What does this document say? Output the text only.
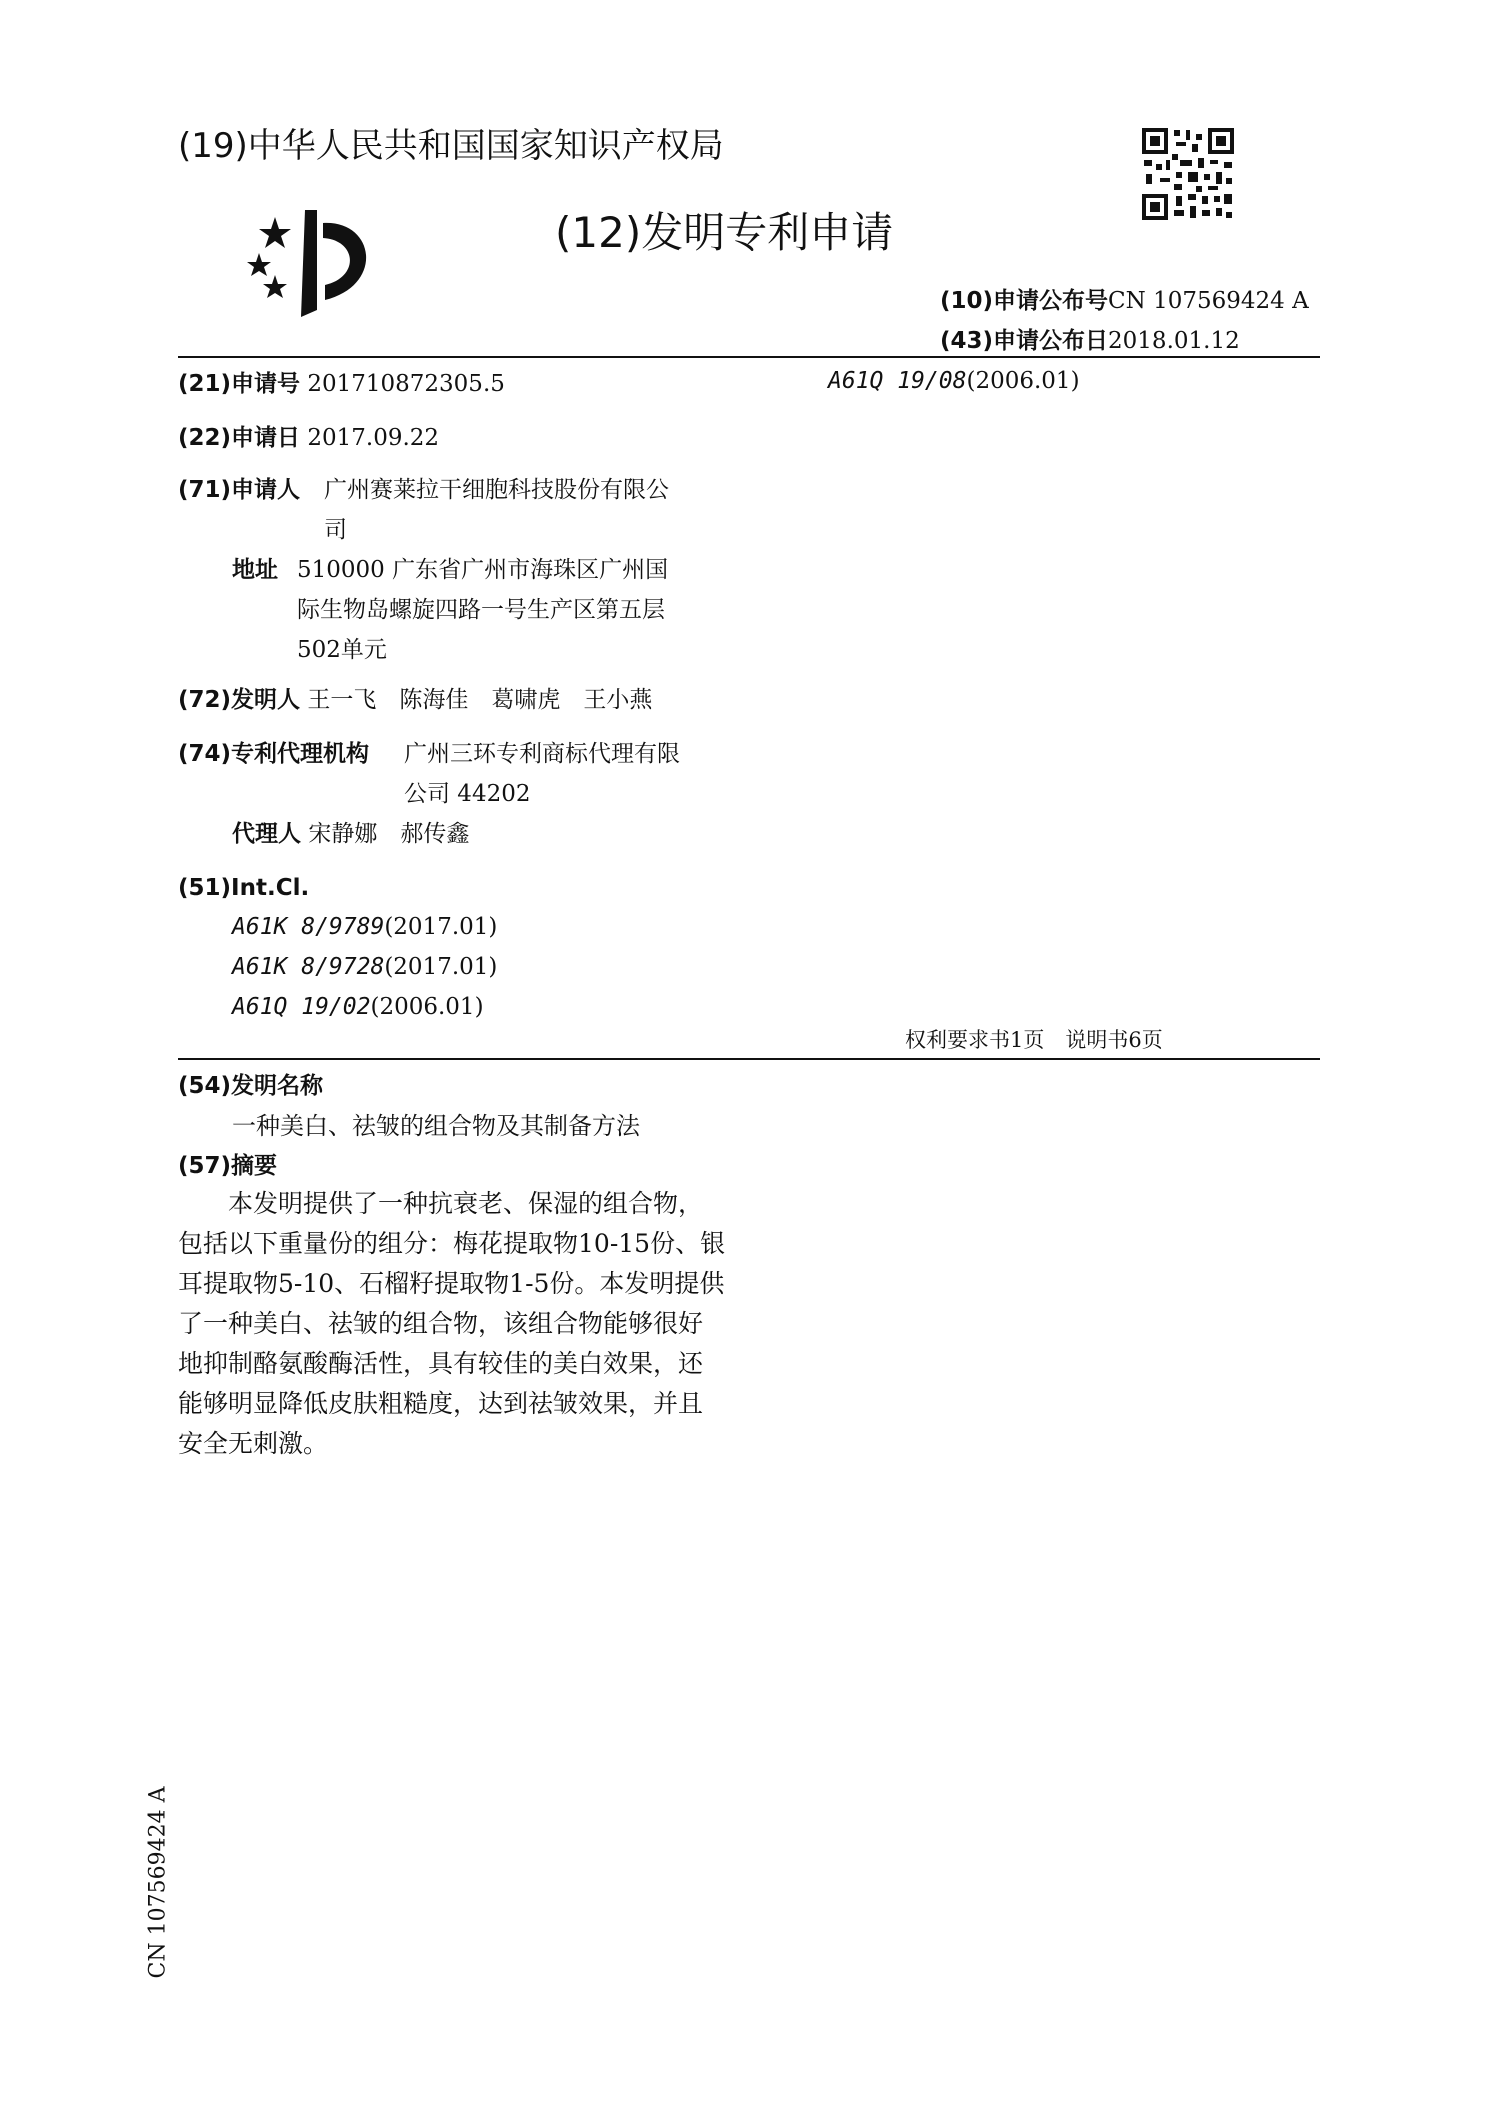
(19)中华人民共和国国家知识产权局
(12)发明专利申请
(10)申请公布号CN 107569424 A
(43)申请公布日2018.01.12
(21)申请号 201710872305.5
(22)申请日 2017.09.22
(71)申请人 广州赛莱拉干细胞科技股份有限公
司
地址 510000 广东省广州市海珠区广州国
际生物岛螺旋四路一号生产区第五层
502单元
(72)发明人 王一飞　陈海佳　葛啸虎　王小燕
(74)专利代理机构 广州三环专利商标代理有限
公司 44202
代理人 宋静娜　郝传鑫
(51)Int.Cl.
A61K 8/9789(2017.01)
A61K 8/9728(2017.01)
A61Q 19/02(2006.01)
A61Q 19/08(2006.01)
权利要求书1页　说明书6页
(54)发明名称
一种美白、祛皱的组合物及其制备方法
(57)摘要
　　本发明提供了一种抗衰老、保湿的组合物，
包括以下重量份的组分：梅花提取物10-15份、银
耳提取物5-10、石榴籽提取物1-5份。本发明提供
了一种美白、祛皱的组合物，该组合物能够很好
地抑制酪氨酸酶活性，具有较佳的美白效果，还
能够明显降低皮肤粗糙度，达到祛皱效果，并且
安全无刺激。
CN 107569424 A
